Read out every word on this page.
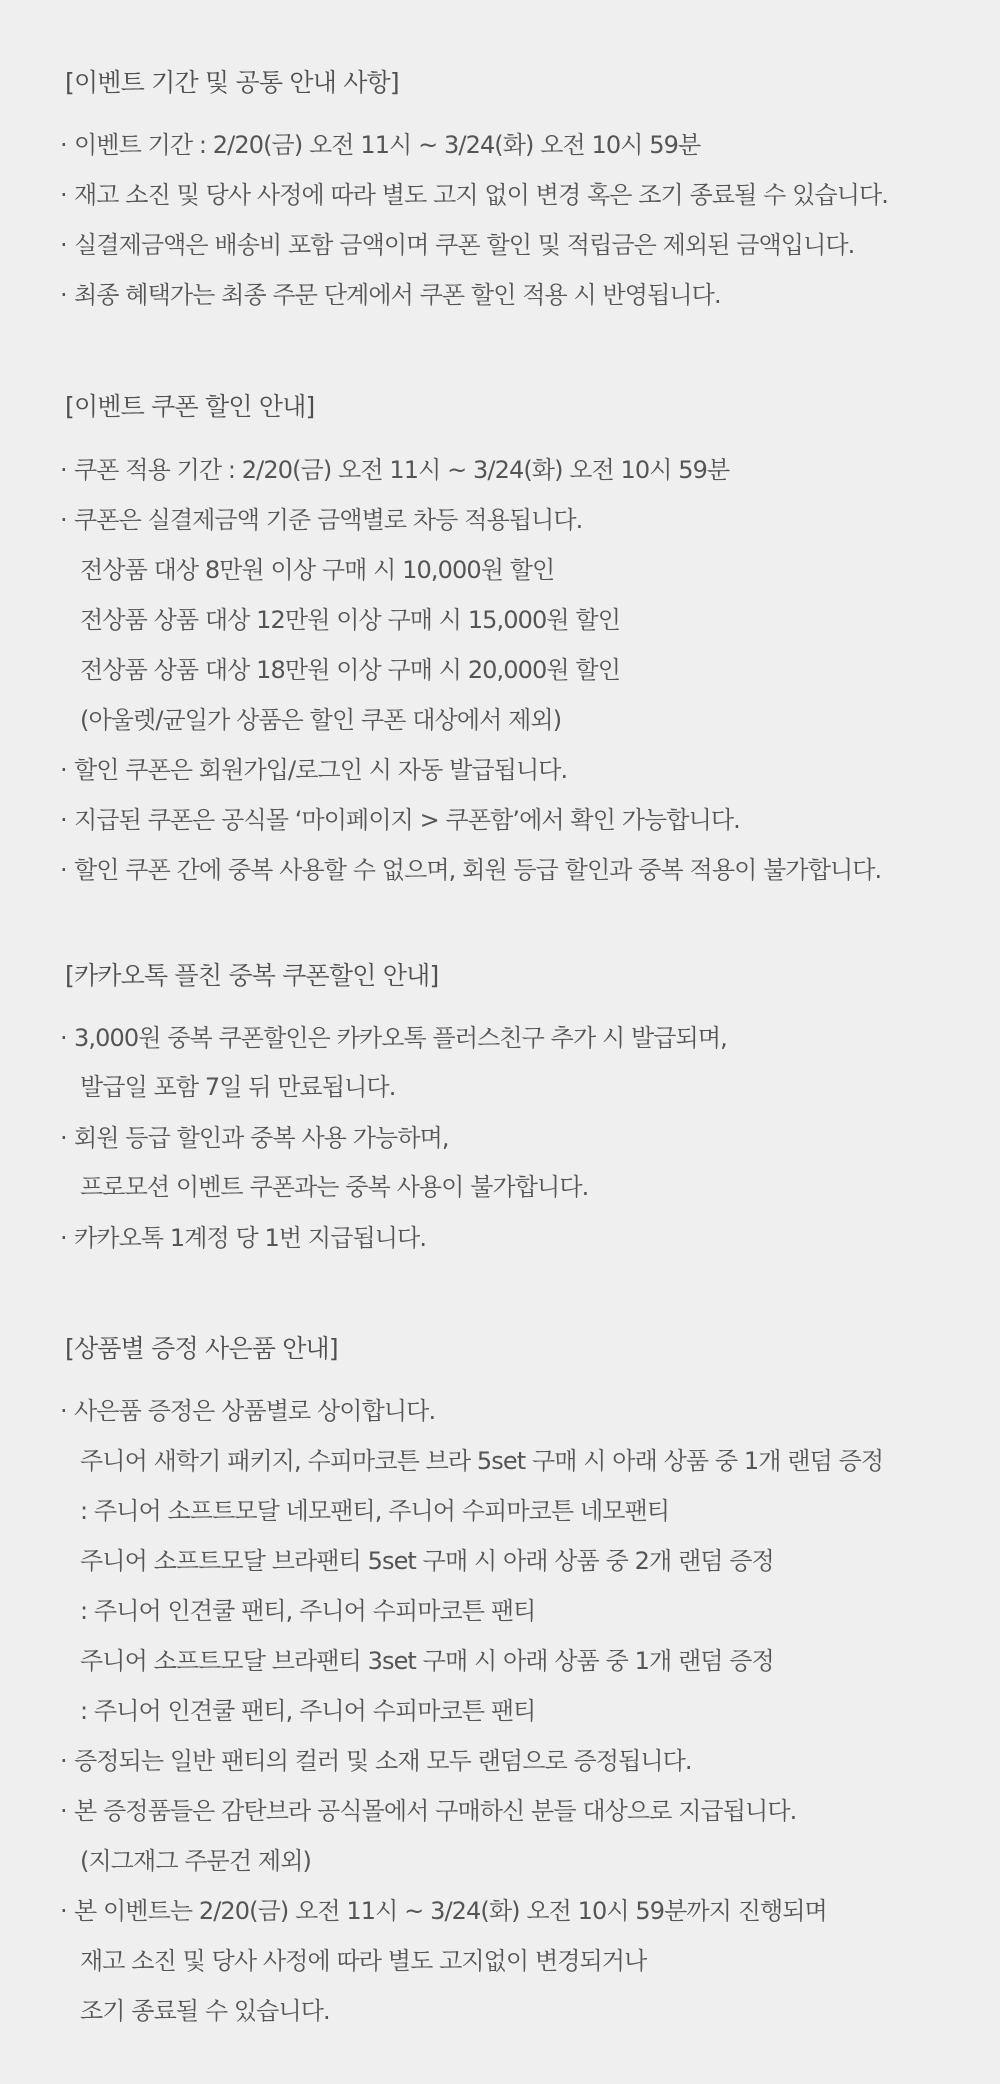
[이벤트 기간 및 공통 안내 사항]
· 이벤트 기간 : 2/20(금) 오전 11시 ~ 3/24(화) 오전 10시 59분
· 재고 소진 및 당사 사정에 따라 별도 고지 없이 변경 혹은 조기 종료될 수 있습니다.
· 실결제금액은 배송비 포함 금액이며 쿠폰 할인 및 적립금은 제외된 금액입니다.
· 최종 혜택가는 최종 주문 단계에서 쿠폰 할인 적용 시 반영됩니다.
[이벤트 쿠폰 할인 안내]
· 쿠폰 적용 기간 : 2/20(금) 오전 11시 ~ 3/24(화) 오전 10시 59분
· 쿠폰은 실결제금액 기준 금액별로 차등 적용됩니다.
전상품 대상 8만원 이상 구매 시 10,000원 할인
전상품 상품 대상 12만원 이상 구매 시 15,000원 할인
전상품 상품 대상 18만원 이상 구매 시 20,000원 할인
(아울렛/균일가 상품은 할인 쿠폰 대상에서 제외)
· 할인 쿠폰은 회원가입/로그인 시 자동 발급됩니다.
· 지급된 쿠폰은 공식몰 ‘마이페이지 > 쿠폰함’에서 확인 가능합니다.
· 할인 쿠폰 간에 중복 사용할 수 없으며, 회원 등급 할인과 중복 적용이 불가합니다.
[카카오톡 플친 중복 쿠폰할인 안내]
· 3,000원 중복 쿠폰할인은 카카오톡 플러스친구 추가 시 발급되며,
발급일 포함 7일 뒤 만료됩니다.
· 회원 등급 할인과 중복 사용 가능하며,
프로모션 이벤트 쿠폰과는 중복 사용이 불가합니다.
· 카카오톡 1계정 당 1번 지급됩니다.
[상품별 증정 사은품 안내]
· 사은품 증정은 상품별로 상이합니다.
주니어 새학기 패키지, 수피마코튼 브라 5set 구매 시 아래 상품 중 1개 랜덤 증정
: 주니어 소프트모달 네모팬티, 주니어 수피마코튼 네모팬티
주니어 소프트모달 브라팬티 5set 구매 시 아래 상품 중 2개 랜덤 증정
: 주니어 인견쿨 팬티, 주니어 수피마코튼 팬티
주니어 소프트모달 브라팬티 3set 구매 시 아래 상품 중 1개 랜덤 증정
: 주니어 인견쿨 팬티, 주니어 수피마코튼 팬티
· 증정되는 일반 팬티의 컬러 및 소재 모두 랜덤으로 증정됩니다.
· 본 증정품들은 감탄브라 공식몰에서 구매하신 분들 대상으로 지급됩니다.
(지그재그 주문건 제외)
· 본 이벤트는 2/20(금) 오전 11시 ~ 3/24(화) 오전 10시 59분까지 진행되며
재고 소진 및 당사 사정에 따라 별도 고지없이 변경되거나
조기 종료될 수 있습니다.
